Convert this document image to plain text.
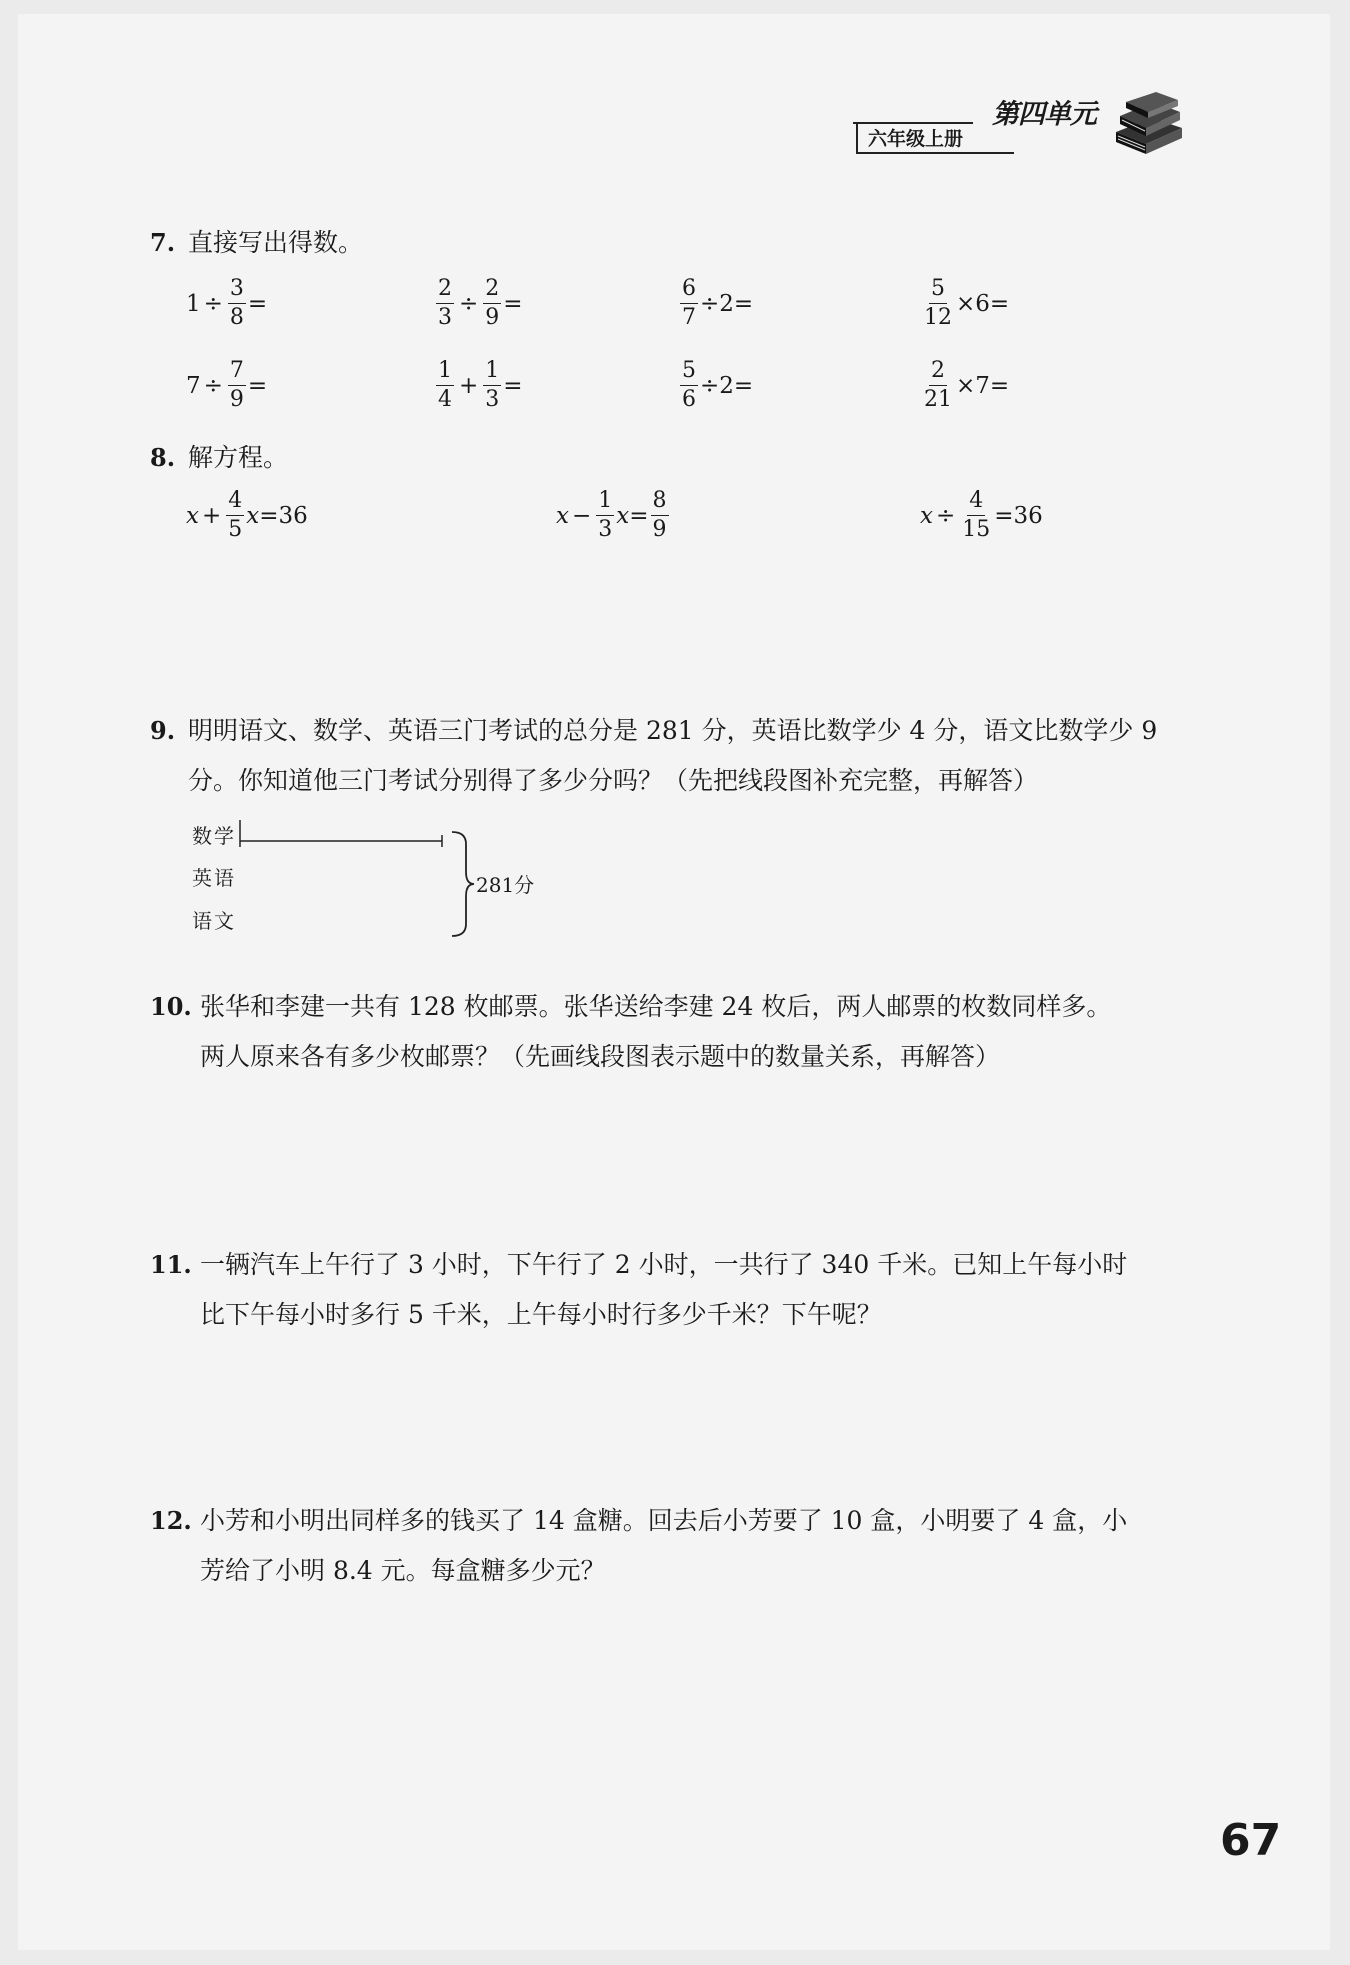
六年级上册
第四单元
7. 直接写出得数。
$1 \div \frac{3}{8}$ =	$\frac{2}{3} \div \frac{2}{9}$ =	$\frac{6}{7} \div 2=$	$\frac{5}{12} \times 6=$
$7 \div \frac{7}{9}$ =	$\frac{1}{4} + \frac{1}{3}$ =	$\frac{5}{6} \div 2=$	$\frac{2}{21} \times 7=$
8. 解方程。
$x + \frac{4}{5}$ x =36	$x - \frac{1}{3}$ $x = \frac{8}{9}$	$x \div \frac{4}{15} =36$
9. 明明语文、数学、英语三门考试的总分是 281 分，英语比数学少 4 分，语文比数学少 9
分。你知道他三门考试分别得了多少分吗？（先把线段图补充完整，再解答）
数学
英语
语文
281分
10. 张华和李建一共有 128 枚邮票。张华送给李建 24 枚后，两人邮票的枚数同样多。
两人原来各有多少枚邮票？（先画线段图表示题中的数量关系，再解答）
11. 一辆汽车上午行了 3 小时，下午行了 2 小时，一共行了 340 千米。已知上午每小时
比下午每小时多行 5 千米，上午每小时行多少千米？下午呢？
12. 小芳和小明出同样多的钱买了 14 盒糖。回去后小芳要了 10 盒，小明要了 4 盒，小
芳给了小明 8.4 元。每盒糖多少元？
67
